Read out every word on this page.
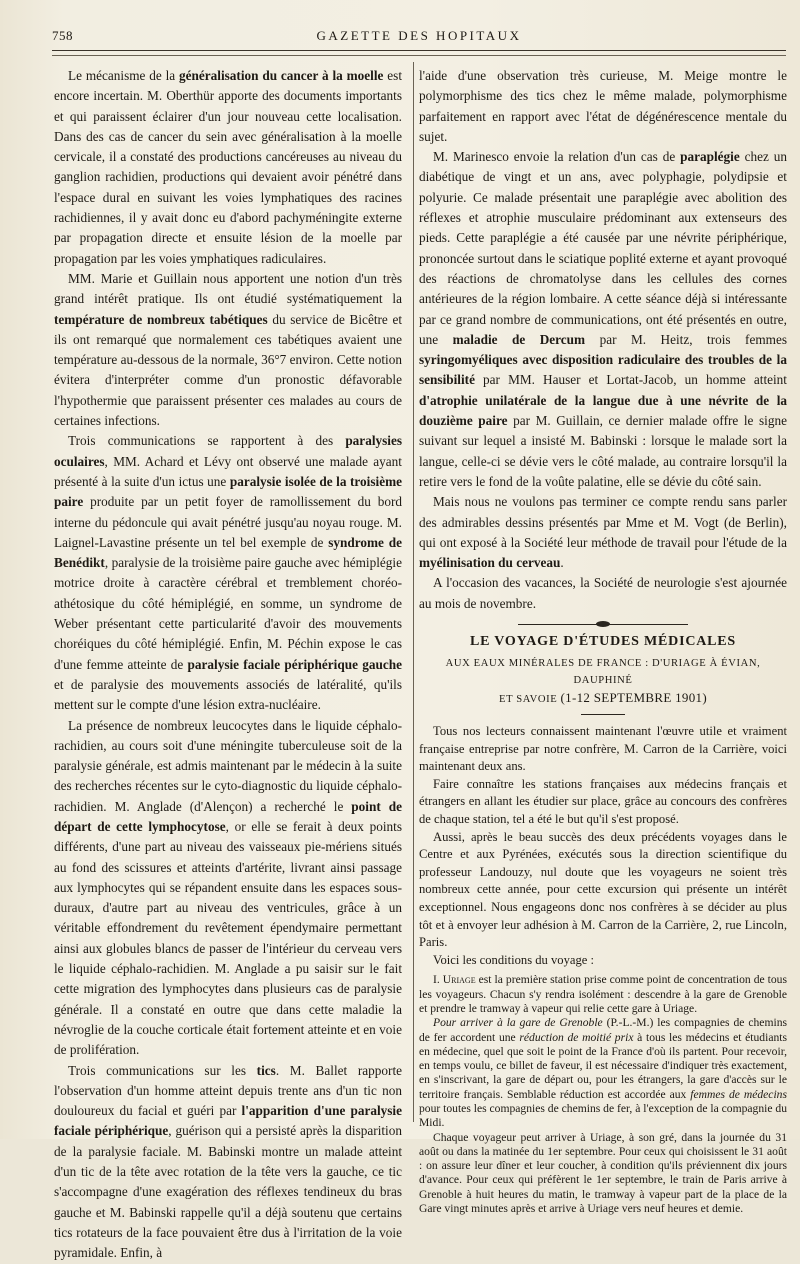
758	GAZETTE DES HOPITAUX

Le mécanisme de la généralisation du cancer à la moelle est encore incertain. M. Oberthür apporte des documents importants et qui paraissent éclairer d'un jour nouveau cette localisation. Dans des cas de cancer du sein avec généralisation à la moelle cervicale, il a constaté des productions cancéreuses au niveau du ganglion rachidien, productions qui devaient avoir pénétré dans l'espace dural en suivant les voies lymphatiques des racines rachidiennes, il y avait donc eu d'abord pachyméningite externe par propagation directe et ensuite lésion de la moelle par propagation par les voies ymphatiques radiculaires.

MM. Marie et Guillain nous apportent une notion d'un très grand intérêt pratique. Ils ont étudié systématiquement la température de nombreux tabétiques du service de Bicêtre et ils ont remarqué que normalement ces tabétiques avaient une température au-dessous de la normale, 36°7 environ. Cette notion évitera d'interpréter comme d'un pronostic défavorable l'hypothermie que paraissent présenter ces malades au cours de certaines infections.

Trois communications se rapportent à des paralysies oculaires, MM. Achard et Lévy ont observé une malade ayant présenté à la suite d'un ictus une paralysie isolée de la troisième paire produite par un petit foyer de ramollissement du bord interne du pédoncule qui avait pénétré jusqu'au noyau rouge. M. Laignel-Lavastine présente un tel bel exemple de syndrome de Benédikt, paralysie de la troisième paire gauche avec hémiplégie motrice droite à caractère cérébral et tremblement choréo-athétosique du côté hémiplégié, en somme, un syndrome de Weber présentant cette particularité d'avoir des mouvements choréiques du côté hémiplégié. Enfin, M. Péchin expose le cas d'une femme atteinte de paralysie faciale périphérique gauche et de paralysie des mouvements associés de latéralité, qu'ils mettent sur le compte d'une lésion extra-nucléaire.

La présence de nombreux leucocytes dans le liquide céphalo-rachidien, au cours soit d'une méningite tuberculeuse soit de la paralysie générale, est admis maintenant par le médecin à la suite des recherches récentes sur le cyto-diagnostic du liquide céphalo-rachidien. M. Anglade (d'Alençon) a recherché le point de départ de cette lymphocytose, or elle se ferait à deux points différents, d'une part au niveau des vaisseaux pie-mériens situés au fond des scissures et atteints d'artérite, livrant ainsi passage aux lymphocytes qui se répandent ensuite dans les espaces sous-duraux, d'autre part au niveau des ventricules, grâce à un véritable effondrement du revêtement épendymaire permettant ainsi aux globules blancs de passer de l'intérieur du cerveau vers le liquide céphalo-rachidien. M. Anglade a pu saisir sur le fait cette migration des lymphocytes dans plusieurs cas de paralysie générale. Il a constaté en outre que dans cette maladie la névroglie de la couche corticale était fortement atteinte et en voie de prolifération.

Trois communications sur les tics. M. Ballet rapporte l'observation d'un homme atteint depuis trente ans d'un tic non douloureux du facial et guéri par l'apparition d'une paralysie faciale périphérique, guérison qui a persisté après la disparition de la paralysie faciale. M. Babinski montre un malade atteint d'un tic de la tête avec rotation de la tête vers la gauche, ce tic s'accompagne d'une exagération des réflexes tendineux du bras gauche et M. Babinski rappelle qu'il a déjà soutenu que certains tics rotateurs de la face pouvaient être dus à l'irritation de la voie pyramidale. Enfin, à

l'aide d'une observation très curieuse, M. Meige montre le polymorphisme des tics chez le même malade, polymorphisme parfaitement en rapport avec l'état de dégénérescence mentale du sujet.

M. Marinesco envoie la relation d'un cas de paraplégie chez un diabétique de vingt et un ans, avec polyphagie, polydipsie et polyurie. Ce malade présentait une paraplégie avec abolition des réflexes et atrophie musculaire prédominant aux extenseurs des pieds. Cette paraplégie a été causée par une névrite périphérique, prononcée surtout dans le sciatique poplité externe et ayant provoqué des réactions de chromatolyse dans les cellules des cornes antérieures de la région lombaire. A cette séance déjà si intéressante par ce grand nombre de communications, ont été présentés en outre, une maladie de Dercum par M. Heitz, trois femmes syringomyéliques avec disposition radiculaire des troubles de la sensibilité par MM. Hauser et Lortat-Jacob, un homme atteint d'atrophie unilatérale de la langue due à une névrite de la douzième paire par M. Guillain, ce dernier malade offre le signe suivant sur lequel a insisté M. Babinski : lorsque le malade sort la langue, celle-ci se dévie vers le côté malade, au contraire lorsqu'il la retire vers le fond de la voûte palatine, elle se dévie du côté sain.

Mais nous ne voulons pas terminer ce compte rendu sans parler des admirables dessins présentés par Mme et M. Vogt (de Berlin), qui ont exposé à la Société leur méthode de travail pour l'étude de la myélinisation du cerveau.

A l'occasion des vacances, la Société de neurologie s'est ajournée au mois de novembre.

LE VOYAGE D'ÉTUDES MÉDICALES
AUX EAUX MINÉRALES DE FRANCE : D'URIAGE À ÉVIAN, DAUPHINÉ
ET SAVOIE (1-12 SEPTEMBRE 1901)

Tous nos lecteurs connaissent maintenant l'œuvre utile et vraiment française entreprise par notre confrère, M. Carron de la Carrière, voici maintenant deux ans.

Faire connaître les stations françaises aux médecins français et étrangers en allant les étudier sur place, grâce au concours des confrères de chaque station, tel a été le but qu'il s'est proposé.

Aussi, après le beau succès des deux précédents voyages dans le Centre et aux Pyrénées, exécutés sous la direction scientifique du professeur Landouzy, nul doute que les voyageurs ne soient très nombreux cette année, pour cette excursion qui présente un intérêt exceptionnel. Nous engageons donc nos confrères à se décider au plus tôt et à envoyer leur adhésion à M. Carron de la Carrière, 2, rue Lincoln, Paris.

Voici les conditions du voyage :

I. Uriage est la première station prise comme point de concentration de tous les voyageurs. Chacun s'y rendra isolément : descendre à la gare de Grenoble et prendre le tramway à vapeur qui relie cette gare à Uriage.

Pour arriver à la gare de Grenoble (P.-L.-M.) les compagnies de chemins de fer accordent une réduction de moitié prix à tous les médecins et étudiants en médecine, quel que soit le point de la France d'où ils partent. Pour recevoir, en temps voulu, ce billet de faveur, il est nécessaire d'indiquer très exactement, en s'inscrivant, la gare de départ ou, pour les étrangers, la gare d'accès sur le territoire français. Semblable réduction est accordée aux femmes de médecins pour toutes les compagnies de chemins de fer, à l'exception de la compagnie du Midi.

Chaque voyageur peut arriver à Uriage, à son gré, dans la journée du 31 août ou dans la matinée du 1er septembre. Pour ceux qui choisissent le 31 août : on assure leur dîner et leur coucher, à condition qu'ils préviennent dix jours d'avance. Pour ceux qui préfèrent le 1er septembre, le train de Paris arrive à Grenoble à huit heures du matin, le tramway à vapeur part de la place de la Gare vingt minutes après et arrive à Uriage vers neuf heures et demie.
